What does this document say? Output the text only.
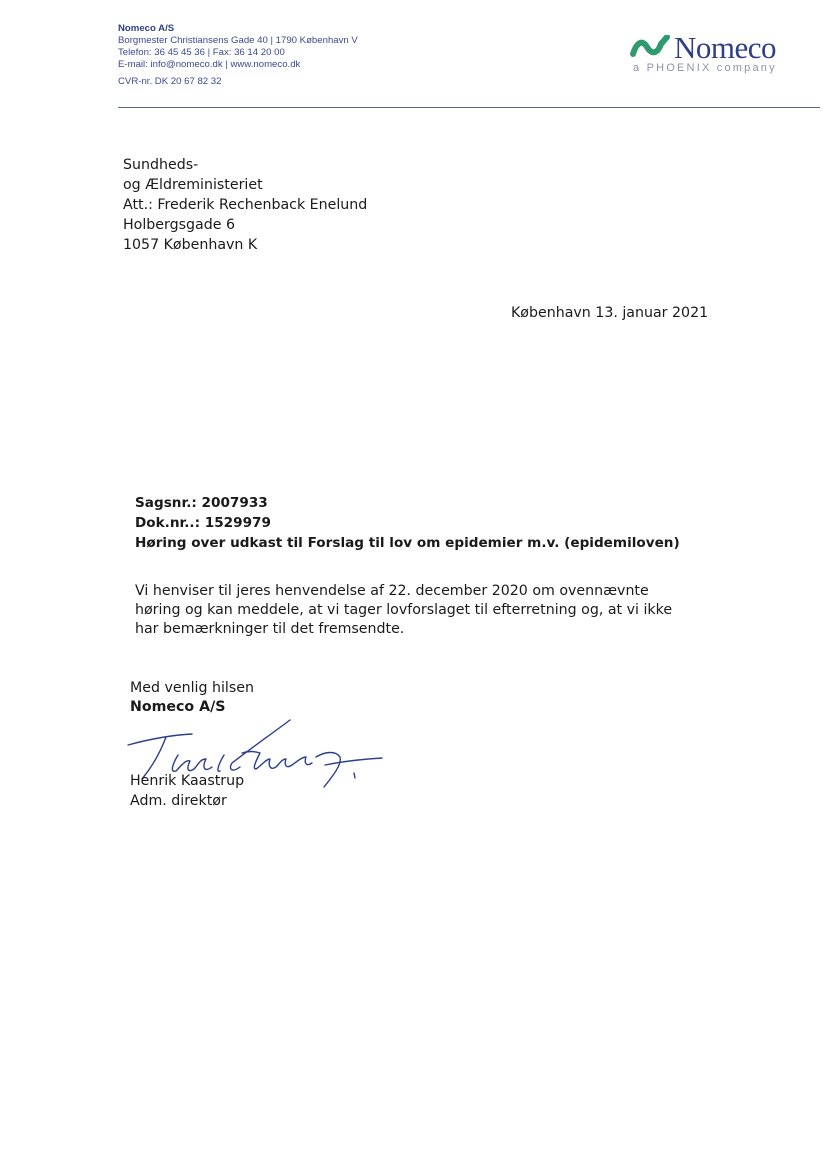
Nomeco A/S
Borgmester Christiansens Gade 40 | 1790 København V
Telefon: 36 45 45 36 | Fax: 36 14 20 00
E-mail: info@nomeco.dk | www.nomeco.dk
CVR-nr. DK 20 67 82 32
Nomeco
a PHOENIX company
Sundheds-
og Ældreministeriet
Att.: Frederik Rechenback Enelund
Holbergsgade 6
1057 København K
København 13. januar 2021
Sagsnr.: 2007933
Dok.nr..: 1529979
Høring over udkast til Forslag til lov om epidemier m.v. (epidemiloven)
Vi henviser til jeres henvendelse af 22. december 2020 om ovennævnte
høring og kan meddele, at vi tager lovforslaget til efterretning og, at vi ikke
har bemærkninger til det fremsendte.
Med venlig hilsen
Nomeco A/S
Henrik Kaastrup
Adm. direktør
